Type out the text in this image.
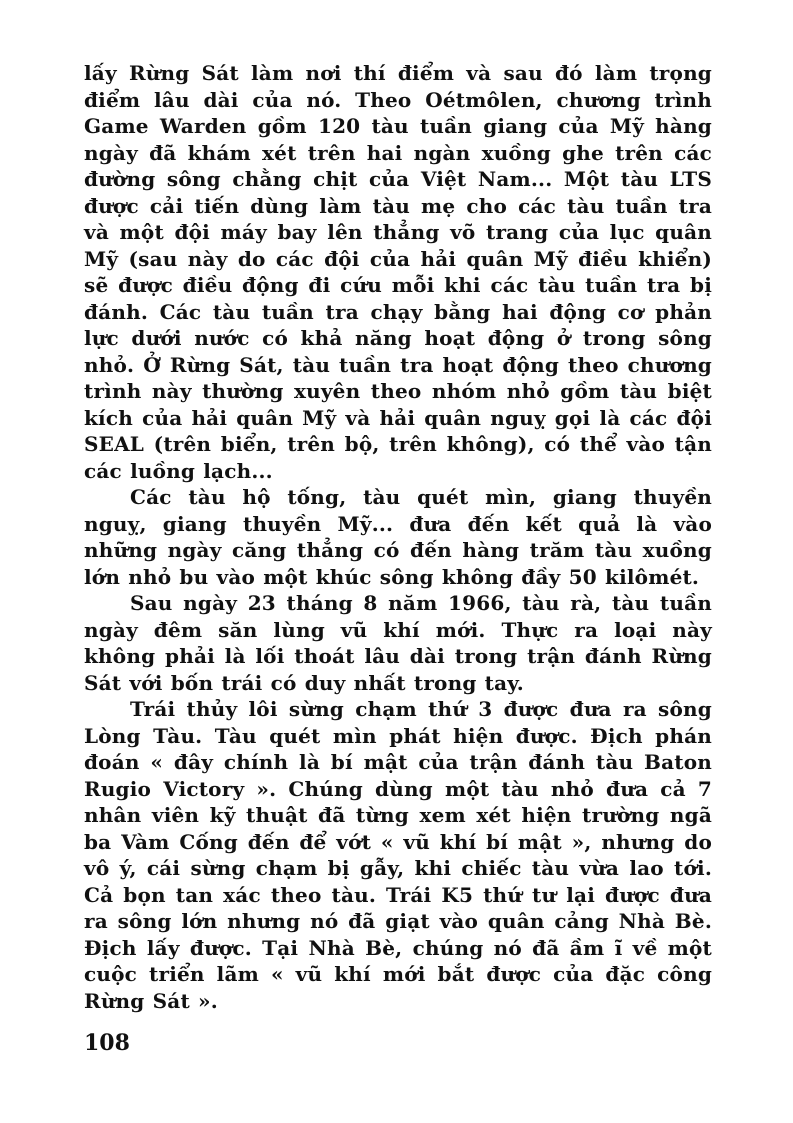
lấy Rừng Sát làm nơi thí điểm và sau đó làm trọng điểm lâu dài của nó. Theo Oétmôlen, chương trình Game Warden gồm 120 tàu tuần giang của Mỹ hàng ngày đã khám xét trên hai ngàn xuồng ghe trên các đường sông chằng chịt của Việt Nam... Một tàu LTS được cải tiến dùng làm tàu mẹ cho các tàu tuần tra và một đội máy bay lên thẳng võ trang của lục quân Mỹ (sau này do các đội của hải quân Mỹ điều khiển) sẽ được điều động đi cứu mỗi khi các tàu tuần tra bị đánh. Các tàu tuần tra chạy bằng hai động cơ phản lực dưới nước có khả năng hoạt động ở trong sông nhỏ. Ở Rừng Sát, tàu tuần tra hoạt động theo chương trình này thường xuyên theo nhóm nhỏ gồm tàu biệt kích của hải quân Mỹ và hải quân nguỵ gọi là các đội SEAL (trên biển, trên bộ, trên không), có thể vào tận các luồng lạch...

Các tàu hộ tống, tàu quét mìn, giang thuyền nguỵ, giang thuyền Mỹ... đưa đến kết quả là vào những ngày căng thẳng có đến hàng trăm tàu xuồng lớn nhỏ bu vào một khúc sông không đầy 50 kilômét.

Sau ngày 23 tháng 8 năm 1966, tàu rà, tàu tuần ngày đêm săn lùng vũ khí mới. Thực ra loại này không phải là lối thoát lâu dài trong trận đánh Rừng Sát với bốn trái có duy nhất trong tay.

Trái thủy lôi sừng chạm thứ 3 được đưa ra sông Lòng Tàu. Tàu quét mìn phát hiện được. Địch phán đoán « đây chính là bí mật của trận đánh tàu Baton Rugio Victory ». Chúng dùng một tàu nhỏ đưa cả 7 nhân viên kỹ thuật đã từng xem xét hiện trường ngã ba Vàm Cống đến để vớt « vũ khí bí mật », nhưng do vô ý, cái sừng chạm bị gẫy, khi chiếc tàu vừa lao tới. Cả bọn tan xác theo tàu. Trái K5 thứ tư lại được đưa ra sông lớn nhưng nó đã giạt vào quân cảng Nhà Bè. Địch lấy được. Tại Nhà Bè, chúng nó đã ầm ĩ về một cuộc triển lãm « vũ khí mới bắt được của đặc công Rừng Sát ».

108
